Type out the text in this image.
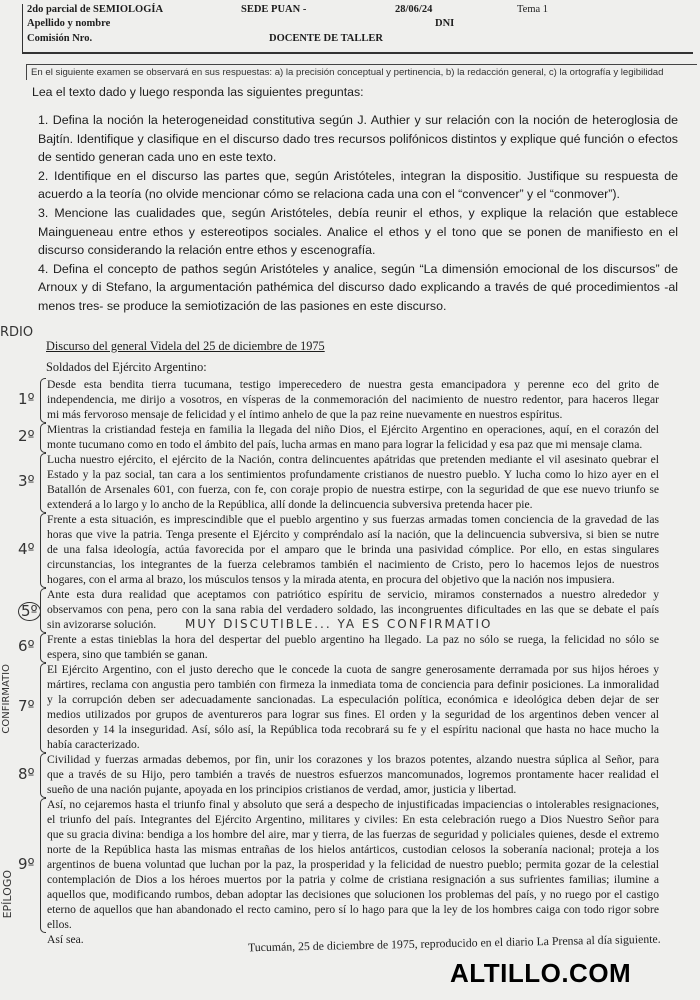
2do parcial de SEMIOLOGÍA	SEDE PUAN -	28/06/24	Tema 1
Apellido y nombre	DNI
Comisión Nro.	DOCENTE DE TALLER
En el siguiente examen se observará en sus respuestas: a) la precisión conceptual y pertinencia, b) la redacción general, c) la ortografía y legibilidad
Lea el texto dado y luego responda las siguientes preguntas:
1. Defina la noción la heterogeneidad constitutiva según J. Authier y sur relación con la noción de heteroglosia de
Bajtín. Identifique y clasifique en el discurso dado tres recursos polifónicos distintos y explique qué función o efectos
de sentido generan cada uno en este texto.
2. Identifique en el discurso las partes que, según Aristóteles, integran la dispositio. Justifique su respuesta de
acuerdo a la teoría (no olvide mencionar cómo se relaciona cada una con el “convencer” y el “conmover”).
3. Mencione las cualidades que, según Aristóteles, debía reunir el ethos, y explique la relación que establece
Maingueneau entre ethos y estereotipos sociales. Analice el ethos y el tono que se ponen de manifiesto en el
discurso considerando la relación entre ethos y escenografía.
4. Defina el concepto de pathos según Aristóteles y analice, según “La dimensión emocional de los discursos” de
Arnoux y di Stefano, la argumentación pathémica del discurso dado explicando a través de qué procedimientos -al
menos tres- se produce la semiotización de las pasiones en este discurso.
Discurso del general Videla del 25 de diciembre de 1975
Soldados del Ejército Argentino:
Desde esta bendita tierra tucumana, testigo imperecedero de nuestra gesta emancipadora y perenne eco del grito de
independencia, me dirijo a vosotros, en vísperas de la conmemoración del nacimiento de nuestro redentor, para haceros llegar
mi más fervoroso mensaje de felicidad y el íntimo anhelo de que la paz reine nuevamente en nuestros espíritus.
Mientras la cristiandad festeja en familia la llegada del niño Dios, el Ejército Argentino en operaciones, aquí, en el corazón del
monte tucumano como en todo el ámbito del país, lucha armas en mano para lograr la felicidad y esa paz que mi mensaje clama.
Lucha nuestro ejército, el ejército de la Nación, contra delincuentes apátridas que pretenden mediante el vil asesinato quebrar el
Estado y la paz social, tan cara a los sentimientos profundamente cristianos de nuestro pueblo. Y lucha como lo hizo ayer en el
Batallón de Arsenales 601, con fuerza, con fe, con coraje propio de nuestra estirpe, con la seguridad de que ese nuevo triunfo se
extenderá a lo largo y lo ancho de la República, allí donde la delincuencia subversiva pretenda hacer pie.
Frente a esta situación, es imprescindible que el pueblo argentino y sus fuerzas armadas tomen conciencia de la gravedad de las
horas que vive la patria. Tenga presente el Ejército y compréndalo así la nación, que la delincuencia subversiva, si bien se nutre
de una falsa ideología, actúa favorecida por el amparo que le brinda una pasividad cómplice. Por ello, en estas singulares
circunstancias, los integrantes de la fuerza celebramos también el nacimiento de Cristo, pero lo hacemos lejos de nuestros
hogares, con el arma al brazo, los músculos tensos y la mirada atenta, en procura del objetivo que la nación nos impusiera.
Ante esta dura realidad que aceptamos con patriótico espíritu de servicio, miramos consternados a nuestro alrededor y
observamos con pena, pero con la sana rabia del verdadero soldado, las incongruentes dificultades en las que se debate el país
sin avizorarse solución.
Frente a estas tinieblas la hora del despertar del pueblo argentino ha llegado. La paz no sólo se ruega, la felicidad no sólo se
espera, sino que también se ganan.
El Ejército Argentino, con el justo derecho que le concede la cuota de sangre generosamente derramada por sus hijos héroes y
mártires, reclama con angustia pero también con firmeza la inmediata toma de conciencia para definir posiciones. La inmoralidad
y la corrupción deben ser adecuadamente sancionadas. La especulación política, económica e ideológica deben dejar de ser
medios utilizados por grupos de aventureros para lograr sus fines. El orden y la seguridad de los argentinos deben vencer al
desorden y 14 la inseguridad. Así, sólo así, la República toda recobrará su fe y el espíritu nacional que hasta no hace mucho la
había caracterizado.
Civilidad y fuerzas armadas debemos, por fin, unir los corazones y los brazos potentes, alzando nuestra súplica al Señor, para
que a través de su Hijo, pero también a través de nuestros esfuerzos mancomunados, logremos prontamente hacer realidad el
sueño de una nación pujante, apoyada en los principios cristianos de verdad, amor, justicia y libertad.
Así, no cejaremos hasta el triunfo final y absoluto que será a despecho de injustificadas impaciencias o intolerables resignaciones,
el triunfo del país. Integrantes del Ejército Argentino, militares y civiles: En esta celebración ruego a Dios Nuestro Señor para
que su gracia divina: bendiga a los hombre del aire, mar y tierra, de las fuerzas de seguridad y policiales quienes, desde el extremo
norte de la República hasta las mismas entrañas de los hielos antárticos, custodian celosos la soberanía nacional; proteja a los
argentinos de buena voluntad que luchan por la paz, la prosperidad y la felicidad de nuestro pueblo; permita gozar de la celestial
contemplación de Dios a los héroes muertos por la patria y colme de cristiana resignación a sus sufrientes familias; ilumine a
aquellos que, modificando rumbos, deban adoptar las decisiones que solucionen los problemas del país, y no ruego por el castigo
eterno de aquellos que han abandonado el recto camino, pero sí lo hago para que la ley de los hombres caiga con todo rigor sobre
ellos.
Así sea.
1º
2º
3º
4º
5º
6º
7º
8º
9º
RDIO
CONFIRMATIO
EPÍLOGO
MUY DISCUTIBLE... YA ES CONFIRMATIO
Tucumán, 25 de diciembre de 1975, reproducido en el diario La Prensa al día siguiente.
ALTILLO.COM
